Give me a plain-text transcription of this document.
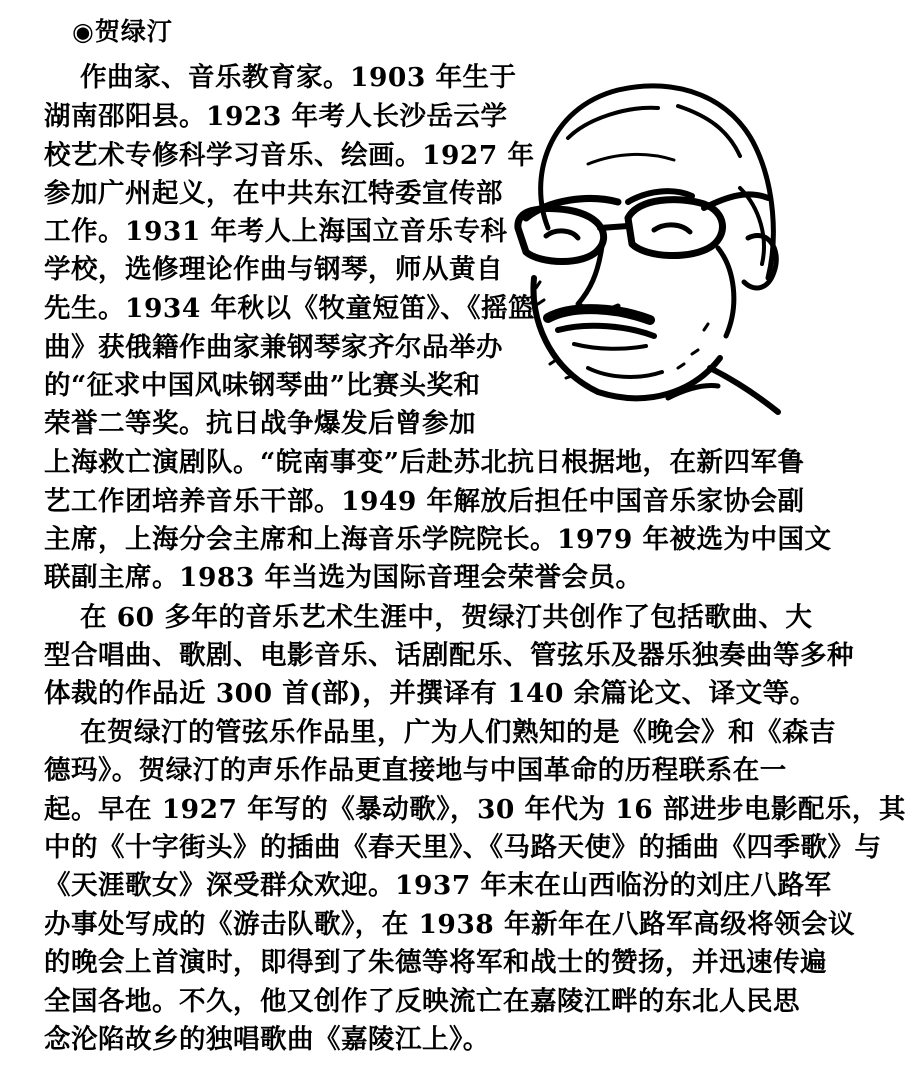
◉贺绿汀
作曲家、音乐教育家。1903 年生于
湖南邵阳县。1923 年考人长沙岳云学
校艺术专修科学习音乐、绘画。1927 年
参加广州起义，在中共东江特委宣传部
工作。1931 年考人上海国立音乐专科
学校，选修理论作曲与钢琴，师从黄自
先生。1934 年秋以《牧童短笛》、《摇篮
曲》获俄籍作曲家兼钢琴家齐尔品举办
的“征求中国风味钢琴曲”比赛头奖和
荣誉二等奖。抗日战争爆发后曾参加
上海救亡演剧队。“皖南事变”后赴苏北抗日根据地，在新四军鲁
艺工作团培养音乐干部。1949 年解放后担任中国音乐家协会副
主席，上海分会主席和上海音乐学院院长。1979 年被选为中国文
联副主席。1983 年当选为国际音理会荣誉会员。
在 60 多年的音乐艺术生涯中，贺绿汀共创作了包括歌曲、大
型合唱曲、歌剧、电影音乐、话剧配乐、管弦乐及器乐独奏曲等多种
体裁的作品近 300 首(部)，并撰译有 140 余篇论文、译文等。
在贺绿汀的管弦乐作品里，广为人们熟知的是《晚会》和《森吉
德玛》。贺绿汀的声乐作品更直接地与中国革命的历程联系在一
起。早在 1927 年写的《暴动歌》，30 年代为 16 部进步电影配乐，其
中的《十字街头》的插曲《春天里》、《马路天使》的插曲《四季歌》与
《天涯歌女》深受群众欢迎。1937 年末在山西临汾的刘庄八路军
办事处写成的《游击队歌》，在 1938 年新年在八路军高级将领会议
的晚会上首演时，即得到了朱德等将军和战士的赞扬，并迅速传遍
全国各地。不久，他又创作了反映流亡在嘉陵江畔的东北人民思
念沦陷故乡的独唱歌曲《嘉陵江上》。
